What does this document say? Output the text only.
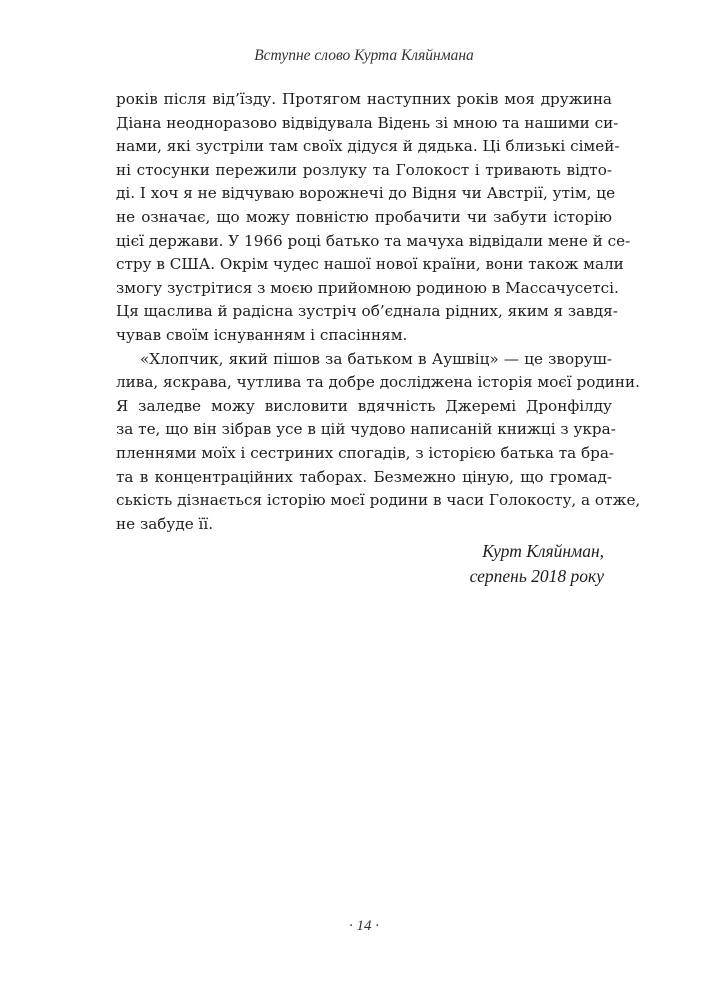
Вступне слово Курта Кляйнмана
років після від’їзду. Протягом наступних років моя дружина
Діана неодноразово відвідувала Відень зі мною та нашими си-
нами, які зустріли там своїх дідуся й дядька. Ці близькі сімей-
ні стосунки пережили розлуку та Голокост і тривають відто-
ді. І хоч я не відчуваю ворожнечі до Відня чи Австрії, утім, це
не означає, що можу повністю пробачити чи забути історію
цієї держави. У 1966 році батько та мачуха відвідали мене й се-
стру в США. Окрім чудес нашої нової країни, вони також мали
змогу зустрітися з моєю прийомною родиною в Массачусетсі.
Ця щаслива й радісна зустріч об’єднала рідних, яким я завдя-
чував своїм існуванням і спасінням.
«Хлопчик, який пішов за батьком в Аушвіц» — це зворуш-
лива, яскрава, чутлива та добре досліджена історія моєї родини.
Я заледве можу висловити вдячність Джеремі Дронфілду
за те, що він зібрав усе в цій чудово написаній книжці з укра-
пленнями моїх і сестриних спогадів, з історією батька та бра-
та в концентраційних таборах. Безмежно ціную, що громад-
ськість дізнається історію моєї родини в часи Голокосту, а отже,
не забуде її.
Курт Кляйнман,
серпень 2018 року
· 14 ·
